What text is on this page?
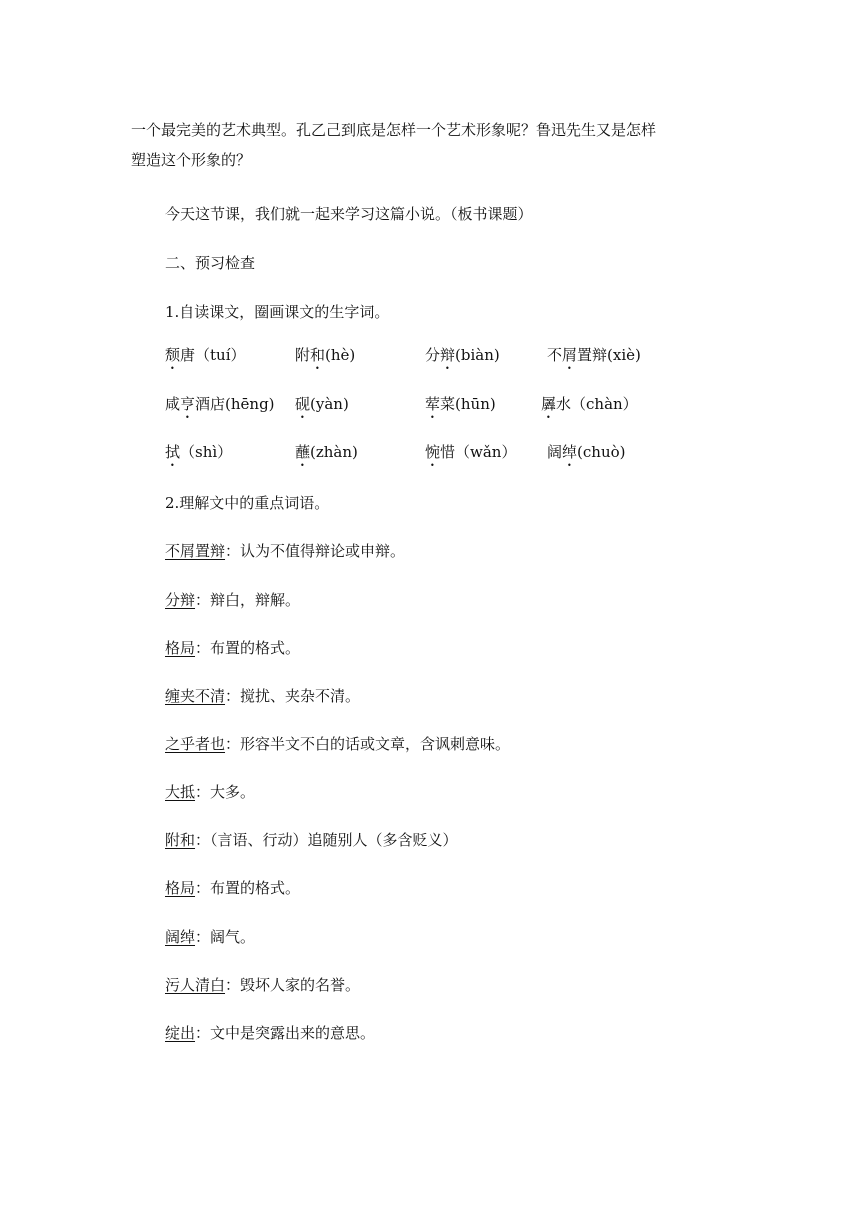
一个最完美的艺术典型。孔乙己到底是怎样一个艺术形象呢？鲁迅先生又是怎样
塑造这个形象的？
今天这节课，我们就一起来学习这篇小说。（板书课题）
二、预习检查
1.自读课文，圈画课文的生字词。
颓唐（tuí）	附和(hè)	分辩(biàn)	不屑置辩(xiè)
咸亨酒店(hēng) 砚(yàn)	荤菜(hūn)	羼水（chàn）
拭（shì）	蘸(zhàn)	惋惜（wǎn） 阔绰(chuò)
2.理解文中的重点词语。
不屑置辩：认为不值得辩论或申辩。
分辩：辩白，辩解。
格局：布置的格式。
缠夹不清：搅扰、夹杂不清。
之乎者也：形容半文不白的话或文章，含讽刺意味。
大抵：大多。
附和：（言语、行动）追随别人（多含贬义）
格局：布置的格式。
阔绰：阔气。
污人清白：毁坏人家的名誉。
绽出：文中是突露出来的意思。
